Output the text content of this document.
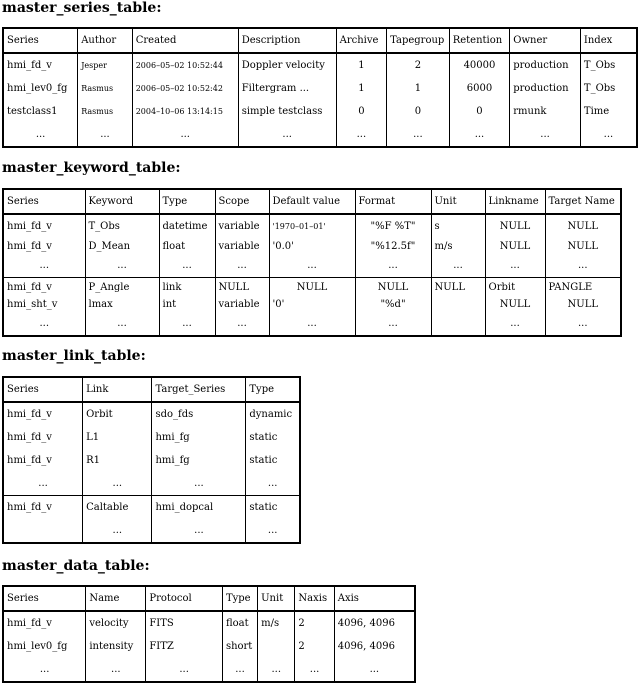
master_series_table:
Series	Author	Created	Description	Archive	Tapegroup	Retention	Owner	Index
hmi_fd_v	Jesper	2006–05–02 10:52:44	Doppler velocity	1	2	40000	production	T_Obs
hmi_lev0_fg	Rasmus	2006–05–02 10:52:42	Filtergram ...	1	1	6000	production	T_Obs
testclass1	Rasmus	2004–10–06 13:14:15	simple testclass	0	0	0	rmunk	Time
...	...	...	...	...	...	...	...	...
master_keyword_table:
Series	Keyword	Type	Scope	Default value	Format	Unit	Linkname	Target Name
hmi_fd_v	T_Obs	datetime	variable	'1970–01–01'	"%F %T"	s	NULL	NULL
hmi_fd_v	D_Mean	float	variable	'0.0'	"%12.5f"	m/s	NULL	NULL
...	...	...	...	...	...	...	...	...
hmi_fd_v	P_Angle	link	NULL	NULL	NULL	NULL	Orbit	PANGLE
hmi_sht_v	lmax	int	variable	'0'	"%d"		NULL	NULL
...	...	...	...	...	...		...	...
master_link_table:
Series	Link	Target_Series	Type
hmi_fd_v	Orbit	sdo_fds	dynamic
hmi_fd_v	L1	hmi_fg	static
hmi_fd_v	R1	hmi_fg	static
...	...	...	...
hmi_fd_v	Caltable	hmi_dopcal	static
	...	...	...
master_data_table:
Series	Name	Protocol	Type	Unit	Naxis	Axis
hmi_fd_v	velocity	FITS	float	m/s	2	4096, 4096
hmi_lev0_fg	intensity	FITZ	short		2	4096, 4096
...	...	...	...	...	...	...
